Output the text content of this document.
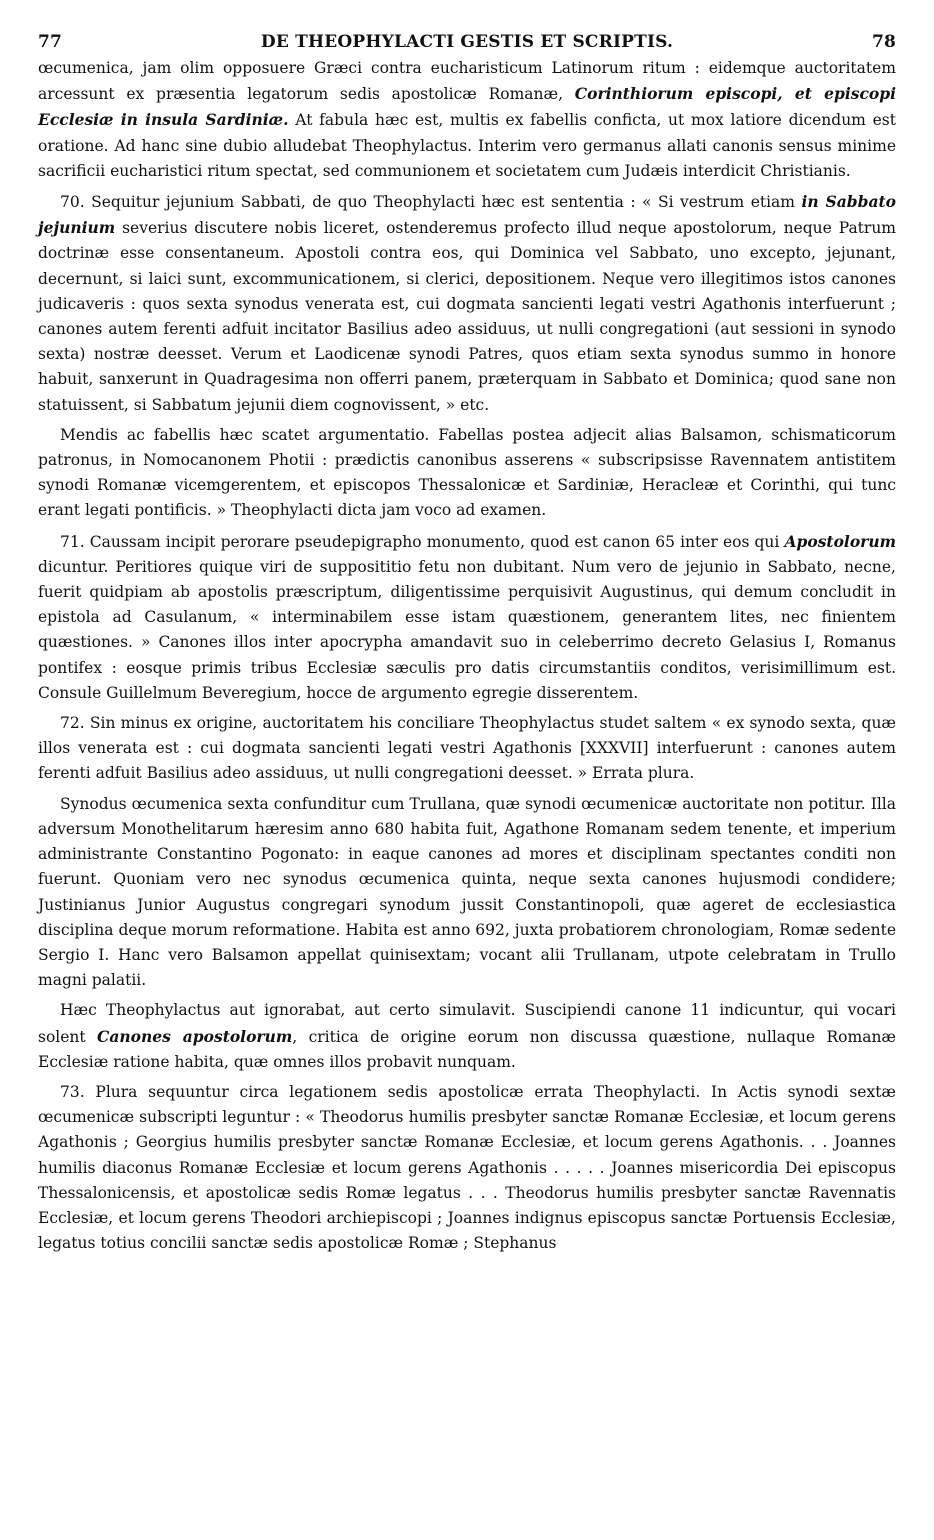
77	DE THEOPHYLACTI GESTIS ET SCRIPTIS.	78

œcumenica, jam olim opposuere Græci contra eucharisticum Latinorum ritum : eidemque auctoritatem arcessunt ex præsentia legatorum sedis apostolicæ Romanæ, Corinthiorum episcopi, et episcopi Ecclesiæ in insula Sardiniæ. At fabula hæc est, multis ex fabellis conficta, ut mox latiore dicendum est oratione. Ad hanc sine dubio alludebat Theophylactus. Interim vero germanus allati canonis sensus minime sacrificii eucharistici ritum spectat, sed communionem et societatem cum Judæis interdicit Christianis.

70. Sequitur jejunium Sabbati, de quo Theophylacti hæc est sententia : « Si vestrum etiam in Sabbato jejunium severius discutere nobis liceret, ostenderemus profecto illud neque apostolorum, neque Patrum doctrinæ esse consentaneum. Apostoli contra eos, qui Dominica vel Sabbato, uno excepto, jejunant, decernunt, si laici sunt, excommunicationem, si clerici, depositionem. Neque vero illegitimos istos canones judicaveris : quos sexta synodus venerata est, cui dogmata sancienti legati vestri Agathonis interfuerunt ; canones autem ferenti adfuit incitator Basilius adeo assiduus, ut nulli congregationi (aut sessioni in synodo sexta) nostræ deesset. Verum et Laodicenæ synodi Patres, quos etiam sexta synodus summo in honore habuit, sanxerunt in Quadragesima non offerri panem, præterquam in Sabbato et Dominica; quod sane non statuissent, si Sabbatum jejunii diem cognovissent, » etc.

Mendis ac fabellis hæc scatet argumentatio. Fabellas postea adjecit alias Balsamon, schismaticorum patronus, in Nomocanonem Photii : prædictis canonibus asserens « subscripsisse Ravennatem antistitem synodi Romanæ vicemgerentem, et episcopos Thessalonicæ et Sardiniæ, Heracleæ et Corinthi, qui tunc erant legati pontificis. » Theophylacti dicta jam voco ad examen.

71. Caussam incipit perorare pseudepigrapho monumento, quod est canon 65 inter eos qui Apostolorum dicuntur. Peritiores quique viri de supposititio fetu non dubitant. Num vero de jejunio in Sabbato, necne, fuerit quidpiam ab apostolis præscriptum, diligentissime perquisivit Augustinus, qui demum concludit in epistola ad Casulanum, « interminabilem esse istam quæstionem, generantem lites, nec finientem quæstiones. » Canones illos inter apocrypha amandavit suo in celeberrimo decreto Gelasius I, Romanus pontifex : eosque primis tribus Ecclesiæ sæculis pro datis circumstantiis conditos, verisimillimum est. Consule Guillelmum Beveregium, hocce de argumento egregie disserentem.

72. Sin minus ex origine, auctoritatem his conciliare Theophylactus studet saltem « ex synodo sexta, quæ illos venerata est : cui dogmata sancienti legati vestri Agathonis [XXXVII] interfuerunt : canones autem ferenti adfuit Basilius adeo assiduus, ut nulli congregationi deesset. » Errata plura.

Synodus œcumenica sexta confunditur cum Trullana, quæ synodi œcumenicæ auctoritate non potitur. Illa adversum Monothelitarum hæresim anno 680 habita fuit, Agathone Romanam sedem tenente, et imperium administrante Constantino Pogonato: in eaque canones ad mores et disciplinam spectantes conditi non fuerunt. Quoniam vero nec synodus œcumenica quinta, neque sexta canones hujusmodi condidere; Justinianus Junior Augustus congregari synodum jussit Constantinopoli, quæ ageret de ecclesiastica disciplina deque morum reformatione. Habita est anno 692, juxta probatiorem chronologiam, Romæ sedente Sergio I. Hanc vero Balsamon appellat quinisextam; vocant alii Trullanam, utpote celebratam in Trullo magni palatii.

Hæc Theophylactus aut ignorabat, aut certo simulavit. Suscipiendi canone 11 indicuntur, qui vocari solent Canones apostolorum, critica de origine eorum non discussa quæstione, nullaque Romanæ Ecclesiæ ratione habita, quæ omnes illos probavit nunquam.

73. Plura sequuntur circa legationem sedis apostolicæ errata Theophylacti. In Actis synodi sextæ œcumenicæ subscripti leguntur : « Theodorus humilis presbyter sanctæ Romanæ Ecclesiæ, et locum gerens Agathonis ; Georgius humilis presbyter sanctæ Romanæ Ecclesiæ, et locum gerens Agathonis. . . Joannes humilis diaconus Romanæ Ecclesiæ et locum gerens Agathonis . . . . . Joannes misericordia Dei episcopus Thessalonicensis, et apostolicæ sedis Romæ legatus . . . Theodorus humilis presbyter sanctæ Ravennatis Ecclesiæ, et locum gerens Theodori archiepiscopi ; Joannes indignus episcopus sanctæ Portuensis Ecclesiæ, legatus totius concilii sanctæ sedis apostolicæ Romæ ; Stephanus
